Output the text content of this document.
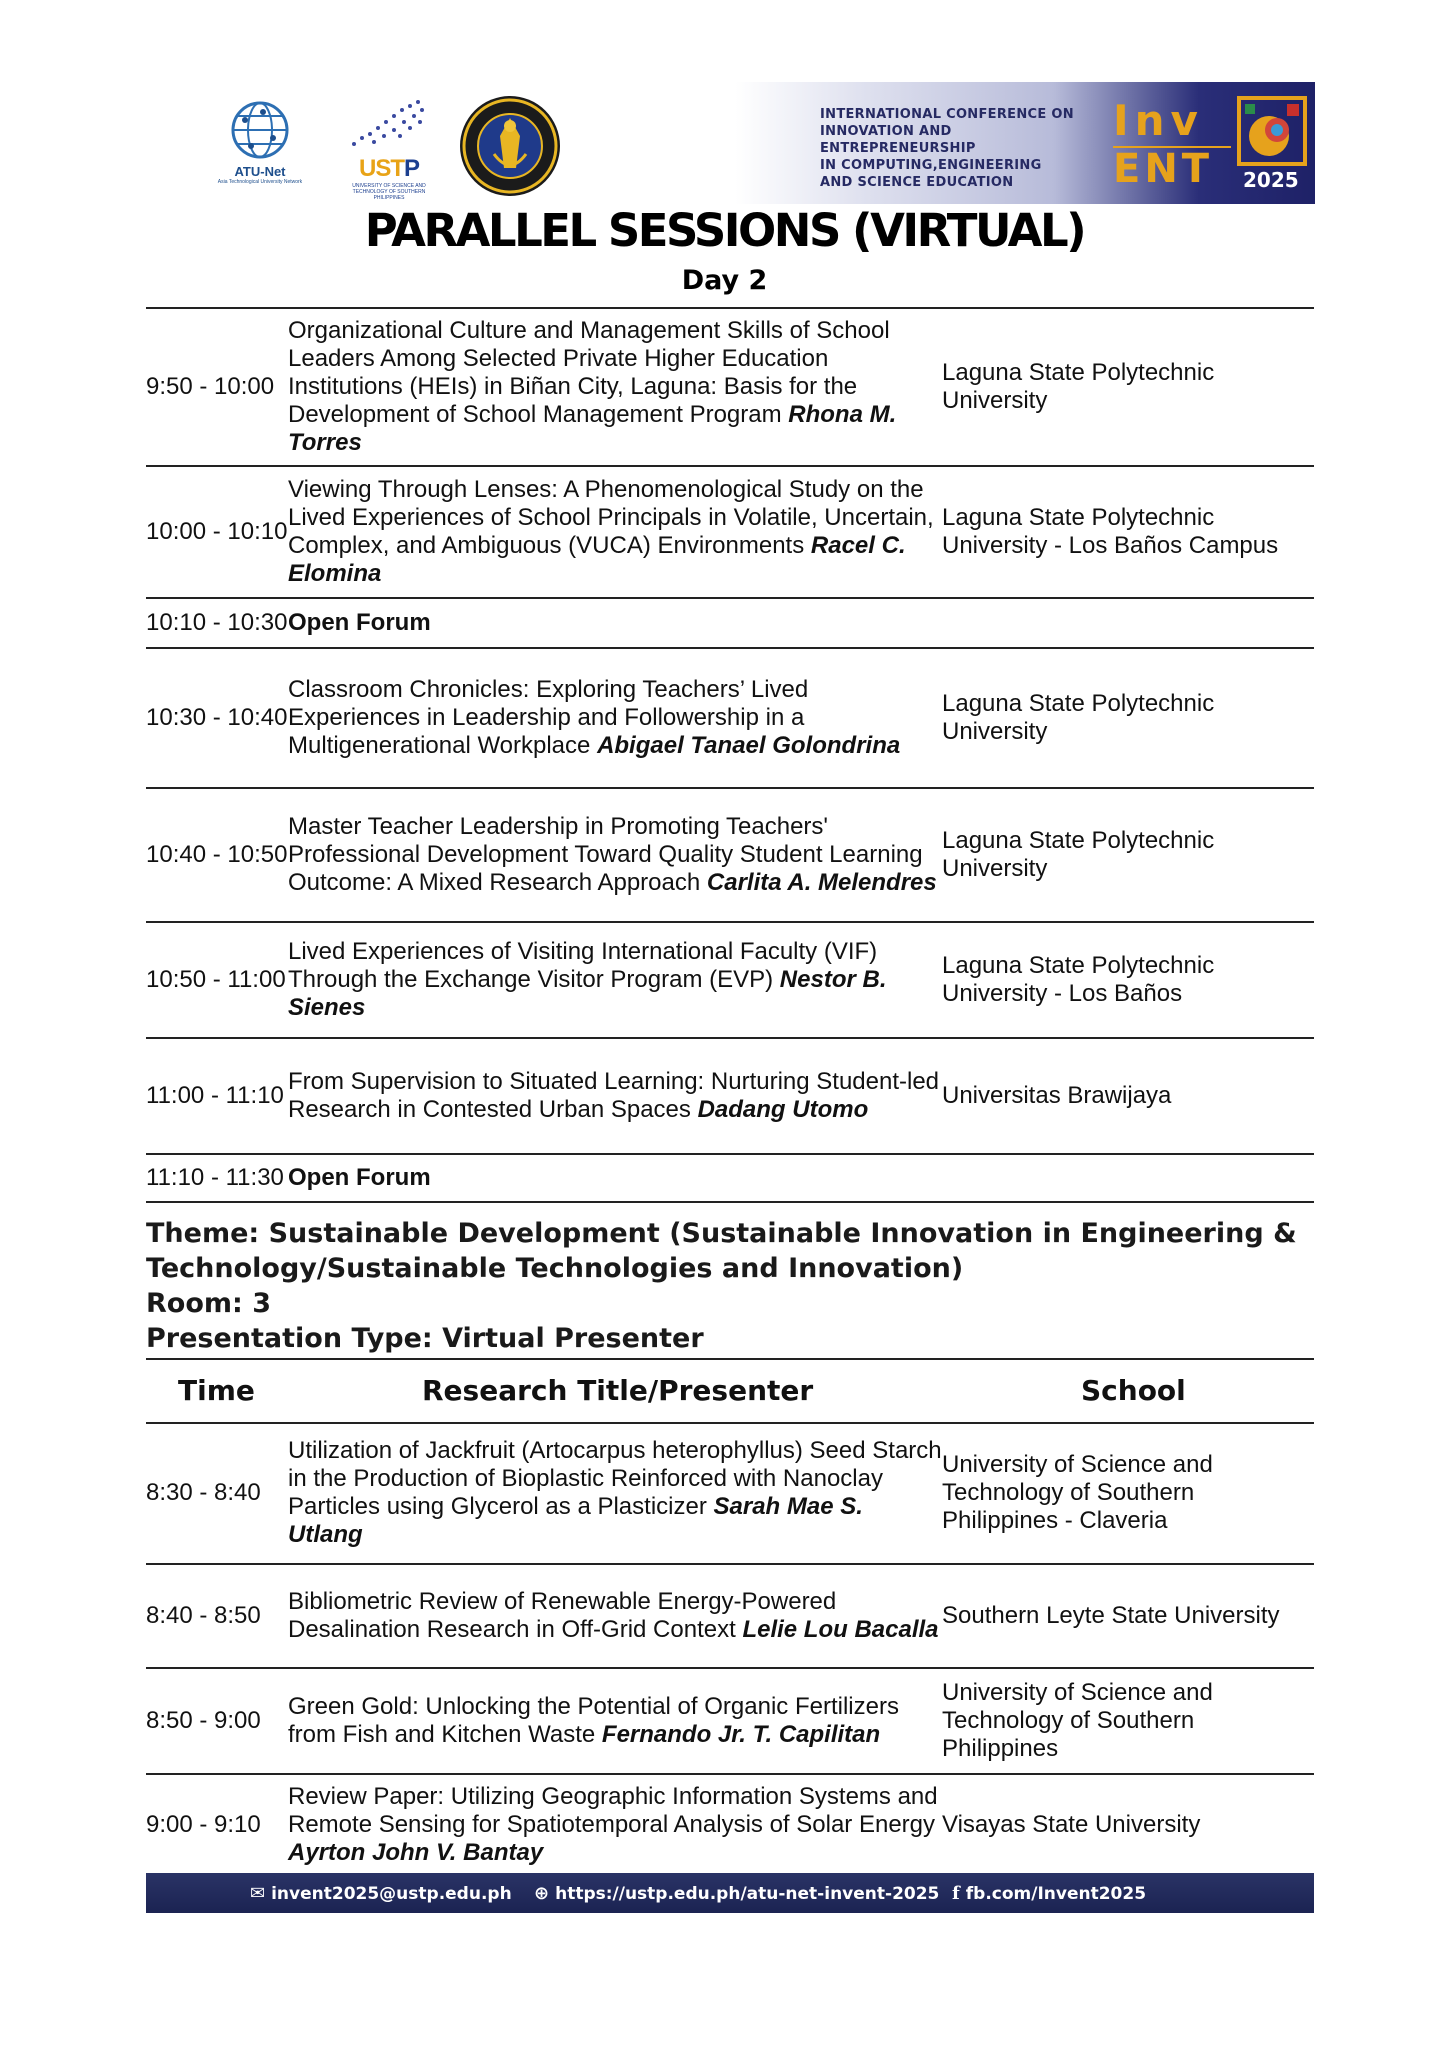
ATU-Net
Asia Technological University Network	USTP
UNIVERSITY OF SCIENCE AND TECHNOLOGY OF SOUTHERN PHILIPPINES
INTERNATIONAL CONFERENCE ON
INNOVATION AND ENTREPRENEURSHIP
IN COMPUTING,ENGINEERING
AND SCIENCE EDUCATION
Inv
ENT 2025
PARALLEL SESSIONS (VIRTUAL)
Day 2
9:50 - 10:00	Organizational Culture and Management Skills of School Leaders Among Selected Private Higher Education Institutions (HEIs) in Biñan City, Laguna: Basis for the Development of School Management Program Rhona M. Torres	Laguna State Polytechnic University
10:00 - 10:10	Viewing Through Lenses: A Phenomenological Study on the Lived Experiences of School Principals in Volatile, Uncertain, Complex, and Ambiguous (VUCA) Environments Racel C. Elomina	Laguna State Polytechnic University - Los Baños Campus
10:10 - 10:30	Open Forum	
10:30 - 10:40	Classroom Chronicles: Exploring Teachers’ Lived Experiences in Leadership and Followership in a Multigenerational Workplace Abigael Tanael Golondrina	Laguna State Polytechnic University
10:40 - 10:50	Master Teacher Leadership in Promoting Teachers' Professional Development Toward Quality Student Learning Outcome: A Mixed Research Approach Carlita A. Melendres	Laguna State Polytechnic University
10:50 - 11:00	Lived Experiences of Visiting International Faculty (VIF) Through the Exchange Visitor Program (EVP) Nestor B. Sienes	Laguna State Polytechnic University - Los Baños
11:00 - 11:10	From Supervision to Situated Learning: Nurturing Student-led Research in Contested Urban Spaces Dadang Utomo	Universitas Brawijaya
11:10 - 11:30	Open Forum	
Theme: Sustainable Development (Sustainable Innovation in Engineering &
Technology/Sustainable Technologies and Innovation)
Room: 3
Presentation Type: Virtual Presenter
Time	Research Title/Presenter	School
8:30 - 8:40	Utilization of Jackfruit (Artocarpus heterophyllus) Seed Starch in the Production of Bioplastic Reinforced with Nanoclay Particles using Glycerol as a Plasticizer Sarah Mae S. Utlang	University of Science and Technology of Southern Philippines - Claveria
8:40 - 8:50	Bibliometric Review of Renewable Energy-Powered Desalination Research in Off-Grid Context Lelie Lou Bacalla	Southern Leyte State University
8:50 - 9:00	Green Gold: Unlocking the Potential of Organic Fertilizers from Fish and Kitchen Waste Fernando Jr. T. Capilitan	University of Science and Technology of Southern Philippines
9:00 - 9:10	Review Paper: Utilizing Geographic Information Systems and Remote Sensing for Spatiotemporal Analysis of Solar Energy Ayrton John V. Bantay	Visayas State University
✉ invent2025@ustp.edu.ph ⊕ https://ustp.edu.ph/atu-net-invent-2025 f fb.com/Invent2025
